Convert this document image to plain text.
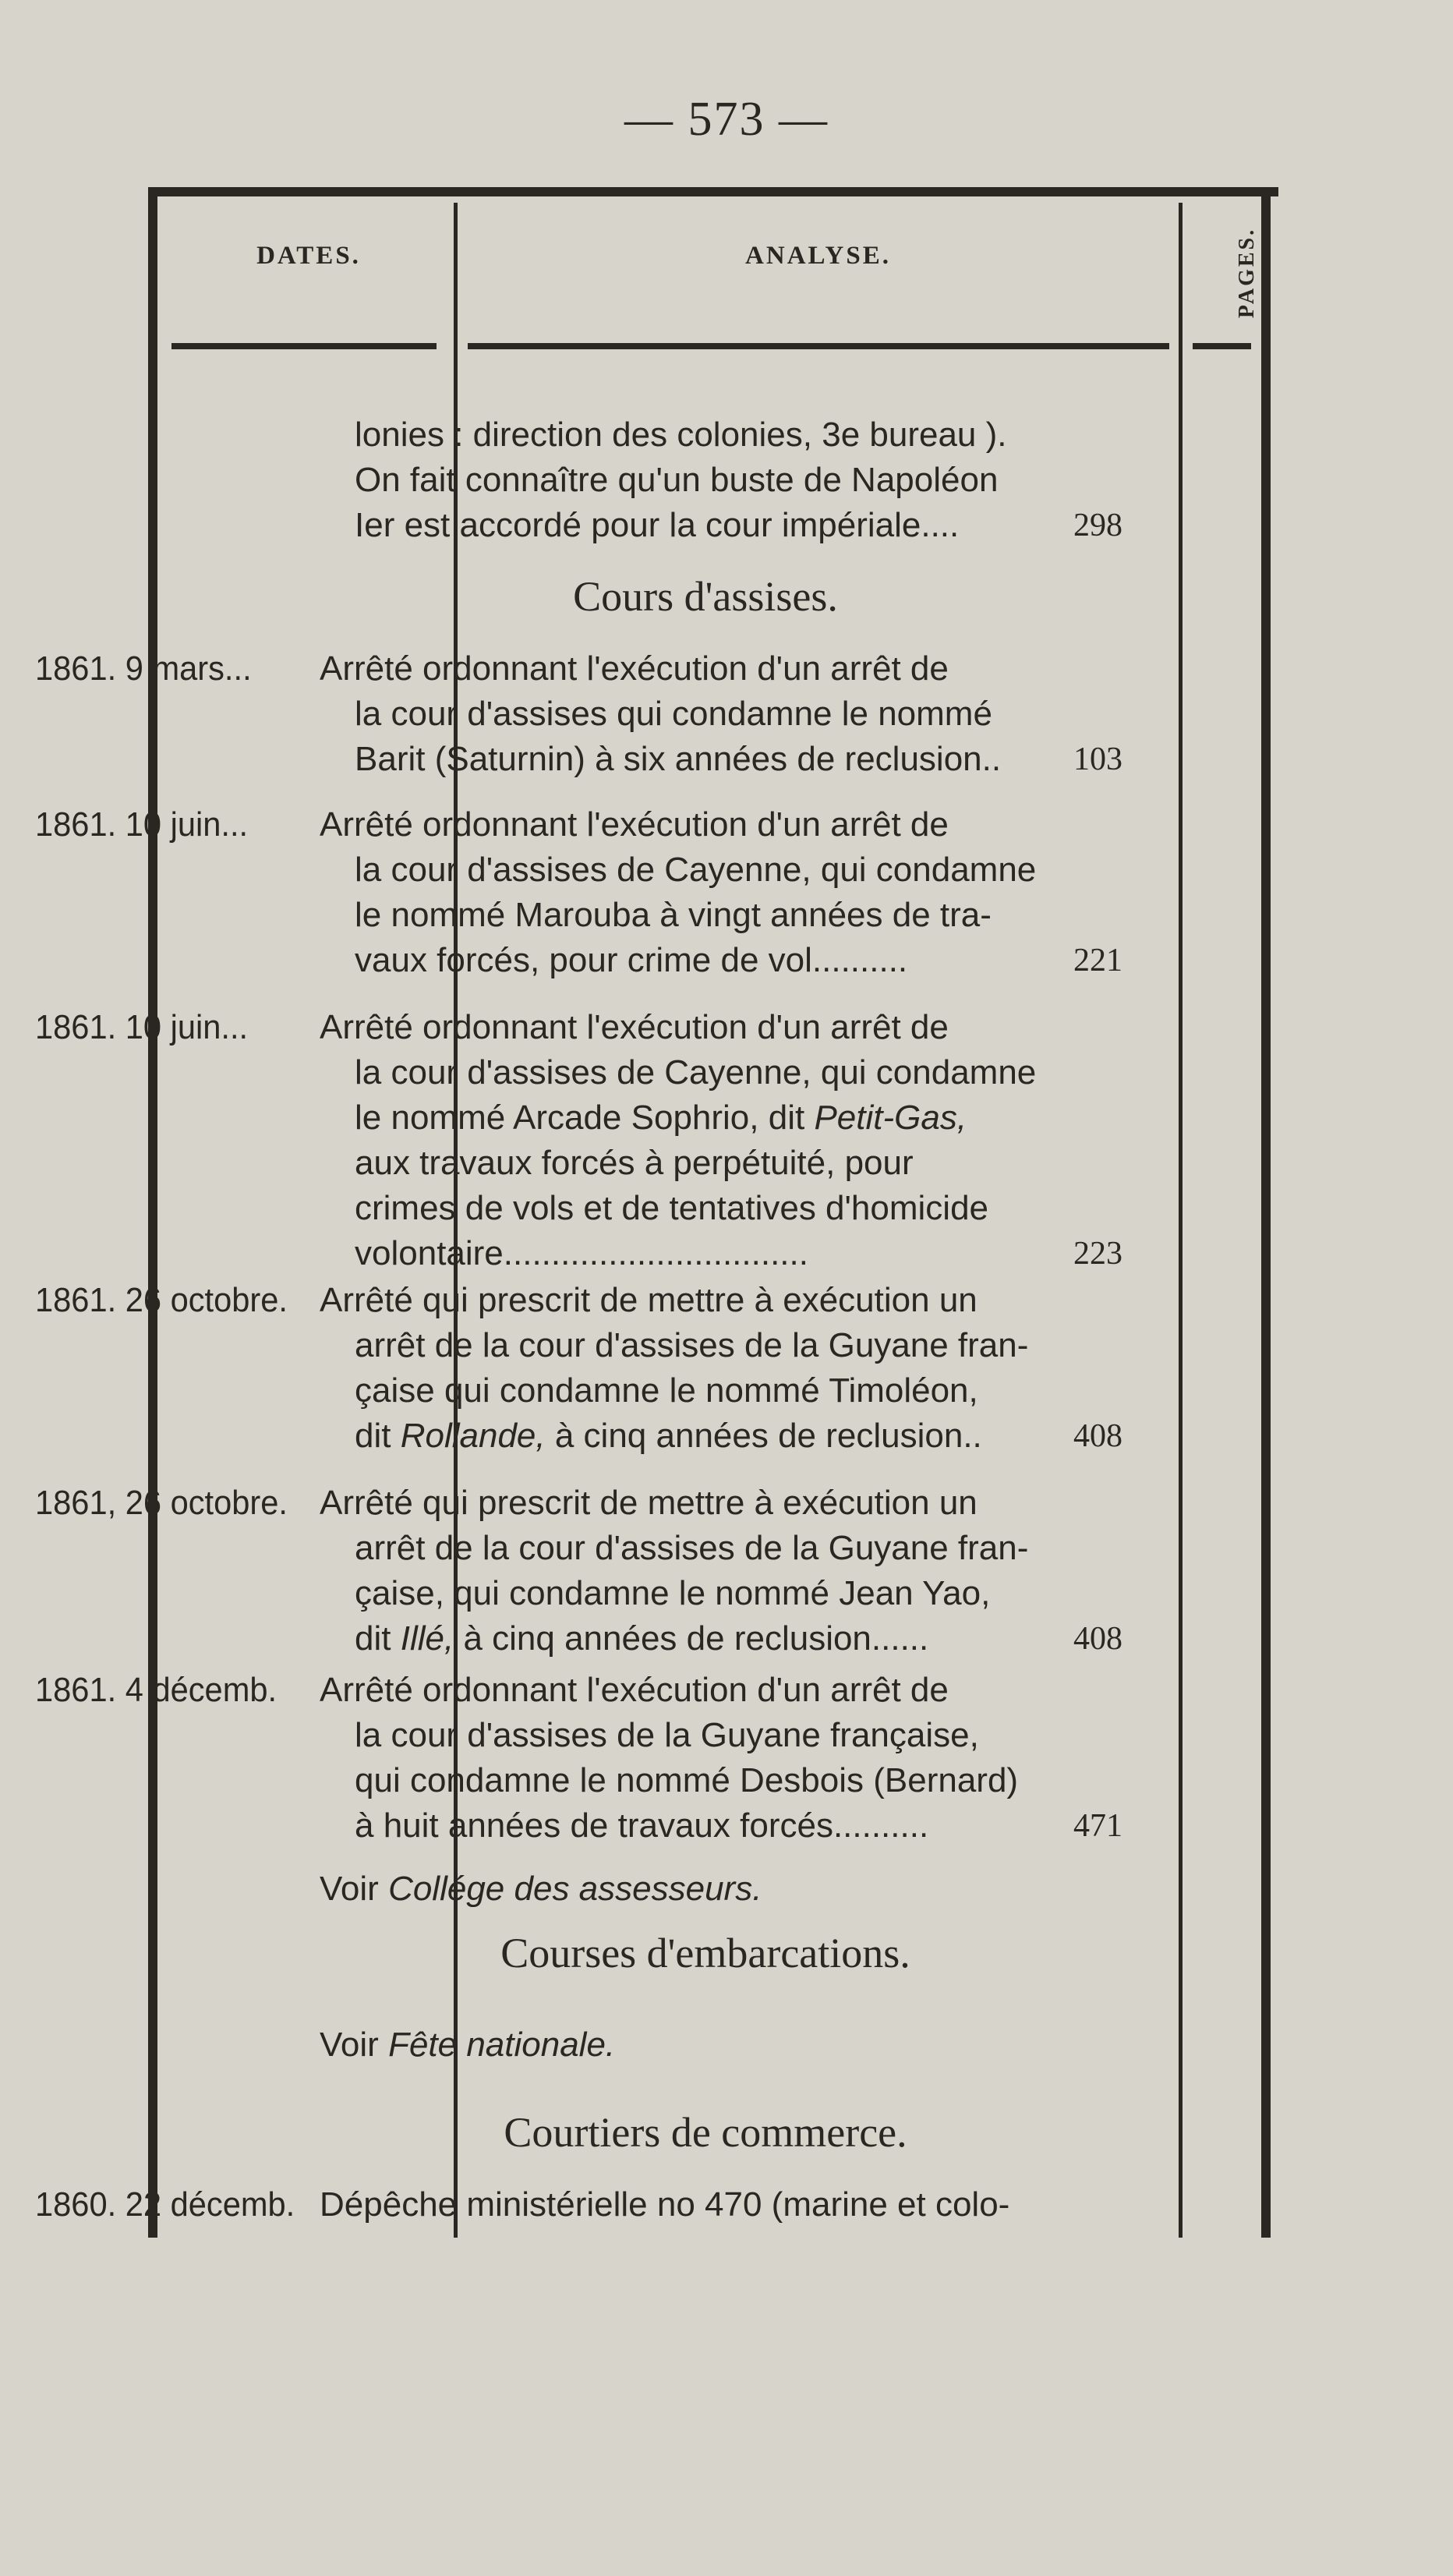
— 573 —
DATES.	ANALYSE.	PAGES.
lonies : direction des colonies, 3e bureau ).
On fait connaître qu'un buste de Napoléon
Ier est accordé pour la cour impériale....	298
Cours d'assises.
1861. 9 mars...	Arrêté ordonnant l'exécution d'un arrêt de
la cour d'assises qui condamne le nommé
Barit (Saturnin) à six années de reclusion..	103
1861. 10 juin...	Arrêté ordonnant l'exécution d'un arrêt de
la cour d'assises de Cayenne, qui condamne
le nommé Marouba à vingt années de tra-
vaux forcés, pour crime de vol..........	221
1861. 10 juin...	Arrêté ordonnant l'exécution d'un arrêt de
la cour d'assises de Cayenne, qui condamne
le nommé Arcade Sophrio, dit Petit-Gas,
aux travaux forcés à perpétuité, pour
crimes de vols et de tentatives d'homicide
volontaire................................	223
1861. 26 octobre. Arrêté qui prescrit de mettre à exécution un
arrêt de la cour d'assises de la Guyane fran-
çaise qui condamne le nommé Timoléon,
dit Rollande, à cinq années de reclusion..	408
1861, 26 octobre. Arrêté qui prescrit de mettre à exécution un
arrêt de la cour d'assises de la Guyane fran-
çaise, qui condamne le nommé Jean Yao,
dit Illé, à cinq années de reclusion......	408
1861. 4 décemb.	Arrêté ordonnant l'exécution d'un arrêt de
la cour d'assises de la Guyane française,
qui condamne le nommé Desbois (Bernard)
à huit années de travaux forcés..........	471
Voir Collége des assesseurs.
Courses d'embarcations.
Voir Fête nationale.
Courtiers de commerce.
1860. 22 décemb. Dépêche ministérielle no 470 (marine et colo-
